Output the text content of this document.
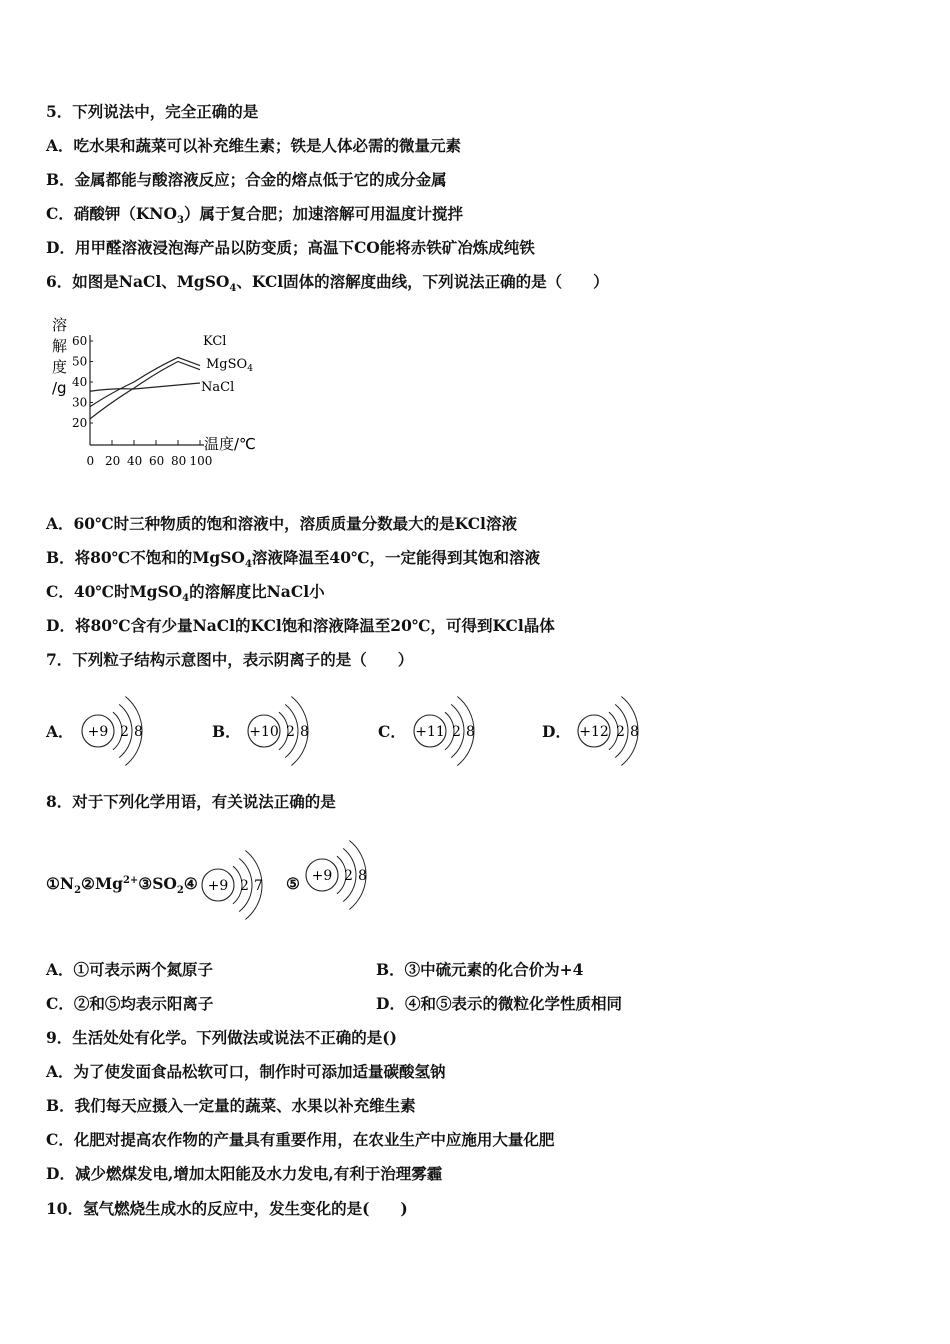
5．下列说法中，完全正确的是
A．吃水果和蔬菜可以补充维生素；铁是人体必需的微量元素
B．金属都能与酸溶液反应；合金的熔点低于它的成分金属
C．硝酸钾$(KNO_3)$属于复合肥；加速溶解可用温度计搅拌
D．用甲醛溶液浸泡海产品以防变质；高温下CO能将赤铁矿冶炼成纯铁
6．如图是NaCl、MgSO$_4$、KCl固体的溶解度曲线，下列说法正确的是（　　）
溶解度/g
60
50
40
30
20
0 20 40 60 80 100
KCl
MgSO$_4$
NaCl
温度/℃
A．60℃时三种物质的饱和溶液中，溶质质量分数最大的是KCl溶液
B．将80℃不饱和的MgSO$_4$溶液降温至40℃，一定能得到其饱和溶液
C．40℃时MgSO$_4$的溶解度比NaCl小
D．将80℃含有少量NaCl的KCl饱和溶液降温至20℃，可得到KCl晶体
7．下列粒子结构示意图中，表示阴离子的是（　　）
A． +9 2 8	B． +10 2 8	C． +11 2 8	D． +12 2 8
8．对于下列化学用语，有关说法正确的是
$①N_2②Mg^{2+}③SO_2④$	⑤
+9 2 7
+9 2 8
A．①可表示两个氮原子	B．③中硫元素的化合价为+4
C．②和⑤均表示阳离子	D．④和⑤表示的微粒化学性质相同
9．生活处处有化学。下列做法或说法不正确的是()
A．为了使发面食品松软可口，制作时可添加适量碳酸氢钠
B．我们每天应摄入一定量的蔬菜、水果以补充维生素
C．化肥对提高农作物的产量具有重要作用，在农业生产中应施用大量化肥
D．减少燃煤发电,增加太阳能及水力发电,有利于治理雾霾
10．氢气燃烧生成水的反应中，发生变化的是(　　)
